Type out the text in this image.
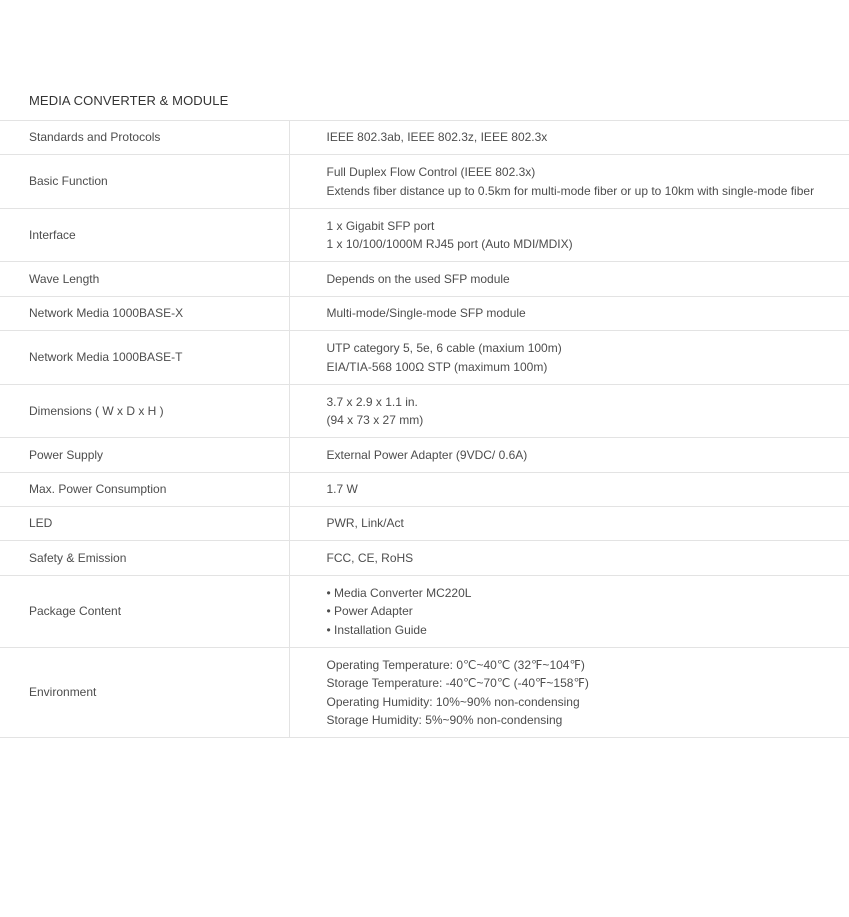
MEDIA CONVERTER & MODULE
Standards and Protocols	IEEE 802.3ab, IEEE 802.3z, IEEE 802.3x

Basic Function	Full Duplex Flow Control (IEEE 802.3x)
Extends fiber distance up to 0.5km for multi-mode fiber or up to 10km with single-mode fiber

Interface	1 x Gigabit SFP port
1 x 10/100/1000M RJ45 port (Auto MDI/MDIX)

Wave Length	Depends on the used SFP module

Network Media 1000BASE-X	Multi-mode/Single-mode SFP module

Network Media 1000BASE-T	UTP category 5, 5e, 6 cable (maxium 100m)
EIA/TIA-568 100Ω STP (maximum 100m)

Dimensions ( W x D x H )	3.7 x 2.9 x 1.1 in.
(94 x 73 x 27 mm)

Power Supply	External Power Adapter (9VDC/ 0.6A)

Max. Power Consumption	1.7 W

LED	PWR, Link/Act

Safety & Emission	FCC, CE, RoHS

Package Content	• Media Converter MC220L
• Power Adapter
• Installation Guide

Environment	Operating Temperature: 0℃~40℃ (32℉~104℉)
Storage Temperature: -40℃~70℃ (-40℉~158℉)
Operating Humidity: 10%~90% non-condensing
Storage Humidity: 5%~90% non-condensing
